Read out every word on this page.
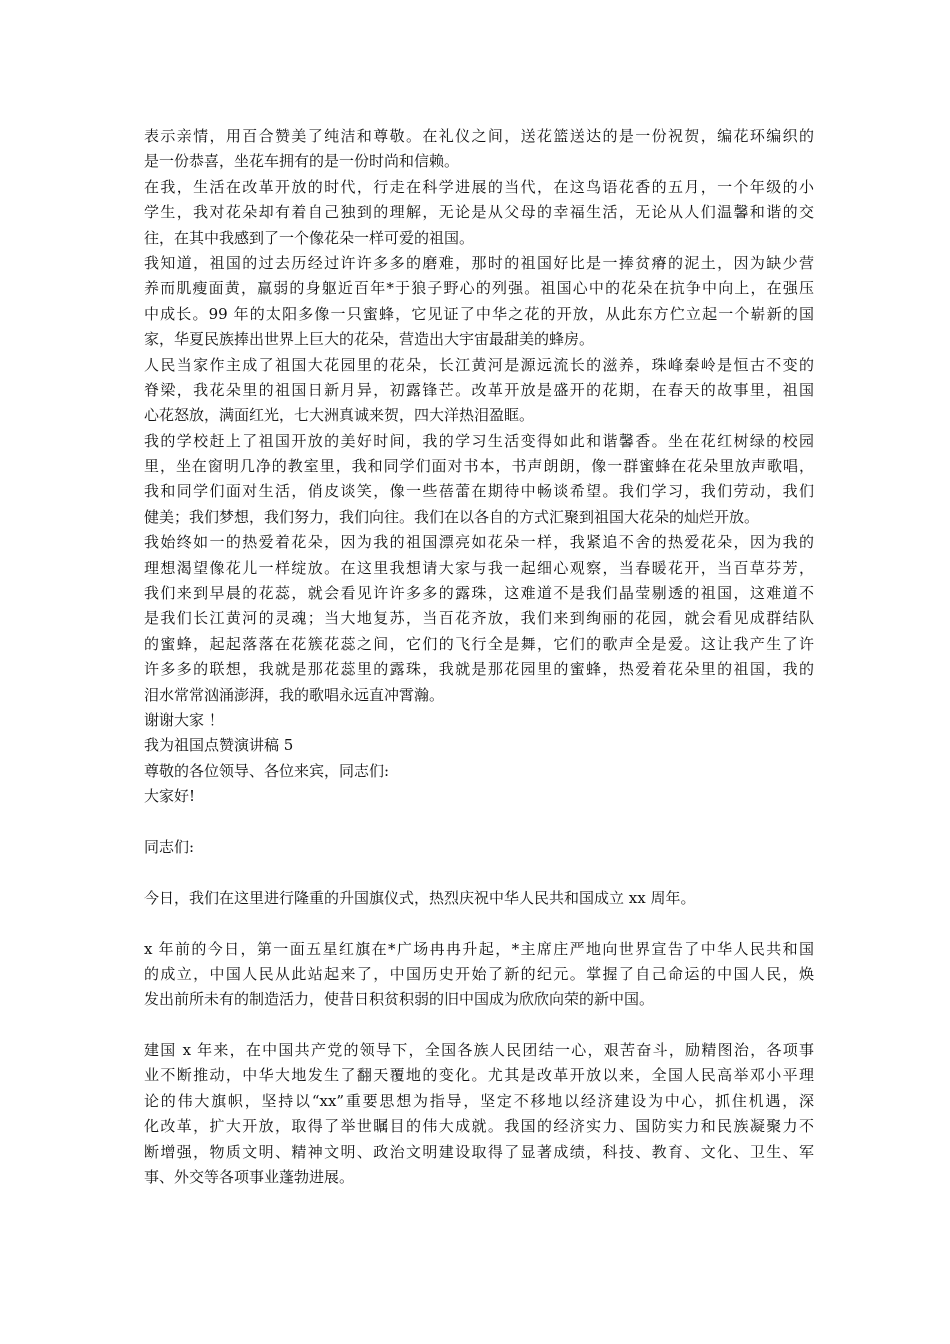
表示亲情，用百合赞美了纯洁和尊敬。在礼仪之间，送花篮送达的是一份祝贺，编花环编织的
是一份恭喜，坐花车拥有的是一份时尚和信赖。
在我，生活在改革开放的时代，行走在科学进展的当代，在这鸟语花香的五月，一个年级的小
学生，我对花朵却有着自己独到的理解，无论是从父母的幸福生活，无论从人们温馨和谐的交
往，在其中我感到了一个像花朵一样可爱的祖国。
我知道，祖国的过去历经过许许多多的磨难，那时的祖国好比是一捧贫瘠的泥土，因为缺少营
养而肌瘦面黄，羸弱的身躯近百年*于狼子野心的列强。祖国心中的花朵在抗争中向上，在强压
中成长。99 年的太阳多像一只蜜蜂，它见证了中华之花的开放，从此东方伫立起一个崭新的国
家，华夏民族捧出世界上巨大的花朵，营造出大宇宙最甜美的蜂房。
人民当家作主成了祖国大花园里的花朵，长江黄河是源远流长的滋养，珠峰秦岭是恒古不变的
脊梁，我花朵里的祖国日新月异，初露锋芒。改革开放是盛开的花期，在春天的故事里，祖国
心花怒放，满面红光，七大洲真诚来贺，四大洋热泪盈眶。
我的学校赶上了祖国开放的美好时间，我的学习生活变得如此和谐馨香。坐在花红树绿的校园
里，坐在窗明几净的教室里，我和同学们面对书本，书声朗朗，像一群蜜蜂在花朵里放声歌唱，
我和同学们面对生活，俏皮谈笑，像一些蓓蕾在期待中畅谈希望。我们学习，我们劳动，我们
健美；我们梦想，我们努力，我们向往。我们在以各自的方式汇聚到祖国大花朵的灿烂开放。
我始终如一的热爱着花朵，因为我的祖国漂亮如花朵一样，我紧追不舍的热爱花朵，因为我的
理想渴望像花儿一样绽放。在这里我想请大家与我一起细心观察，当春暖花开，当百草芬芳，
我们来到早晨的花蕊，就会看见许许多多的露珠，这难道不是我们晶莹剔透的祖国，这难道不
是我们长江黄河的灵魂；当大地复苏，当百花齐放，我们来到绚丽的花园，就会看见成群结队
的蜜蜂，起起落落在花簇花蕊之间，它们的飞行全是舞，它们的歌声全是爱。这让我产生了许
许多多的联想，我就是那花蕊里的露珠，我就是那花园里的蜜蜂，热爱着花朵里的祖国，我的
泪水常常汹涌澎湃，我的歌唱永远直冲霄瀚。
谢谢大家 ！
我为祖国点赞演讲稿 5
尊敬的各位领导、各位来宾，同志们:
大家好!
同志们:
今日，我们在这里进行隆重的升国旗仪式，热烈庆祝中华人民共和国成立 xx 周年。
x 年前的今日，第一面五星红旗在*广场冉冉升起，*主席庄严地向世界宣告了中华人民共和国
的成立，中国人民从此站起来了，中国历史开始了新的纪元。掌握了自己命运的中国人民，焕
发出前所未有的制造活力，使昔日积贫积弱的旧中国成为欣欣向荣的新中国。
建国 x 年来，在中国共产党的领导下，全国各族人民团结一心，艰苦奋斗，励精图治，各项事
业不断推动，中华大地发生了翻天覆地的变化。尤其是改革开放以来，全国人民高举邓小平理
论的伟大旗帜，坚持以“xx”重要思想为指导，坚定不移地以经济建设为中心，抓住机遇，深
化改革，扩大开放，取得了举世瞩目的伟大成就。我国的经济实力、国防实力和民族凝聚力不
断增强，物质文明、精神文明、政治文明建设取得了显著成绩，科技、教育、文化、卫生、军
事、外交等各项事业蓬勃进展。
